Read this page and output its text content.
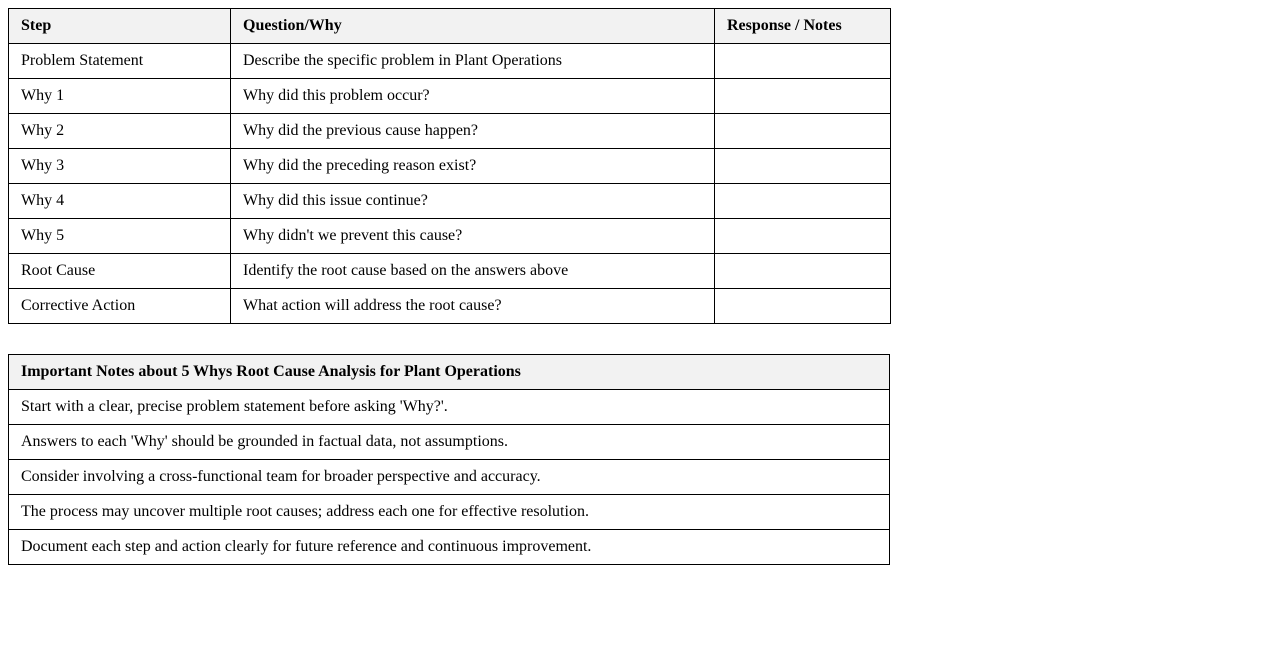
Step	Question/Why	Response / Notes
Problem Statement	Describe the specific problem in Plant Operations	
Why 1	Why did this problem occur?	
Why 2	Why did the previous cause happen?	
Why 3	Why did the preceding reason exist?	
Why 4	Why did this issue continue?	
Why 5	Why didn't we prevent this cause?	
Root Cause	Identify the root cause based on the answers above	
Corrective Action	What action will address the root cause?	
Important Notes about 5 Whys Root Cause Analysis for Plant Operations
Start with a clear, precise problem statement before asking 'Why?'.
Answers to each 'Why' should be grounded in factual data, not assumptions.
Consider involving a cross-functional team for broader perspective and accuracy.
The process may uncover multiple root causes; address each one for effective resolution.
Document each step and action clearly for future reference and continuous improvement.
